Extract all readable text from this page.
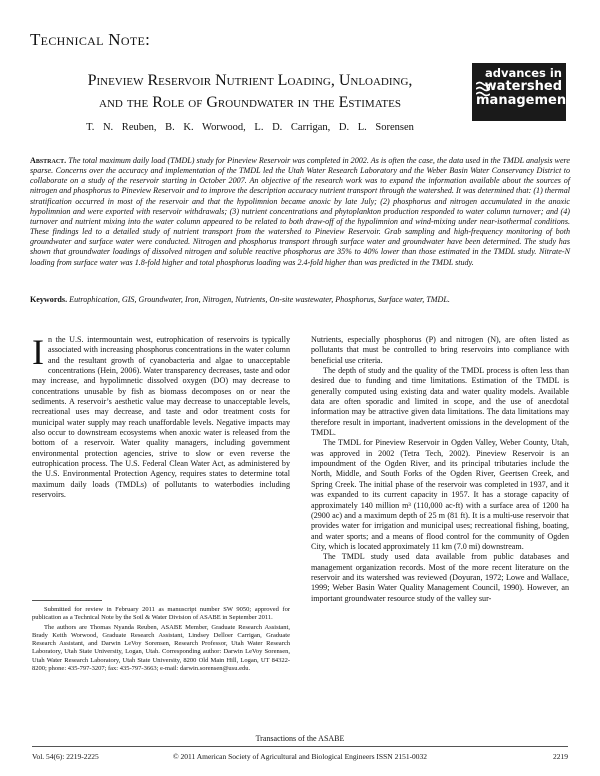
Technical Note:
Pineview Reservoir Nutrient Loading, Unloading,
and the Role of Groundwater in the Estimates
T. N. Reuben, B. K. Worwood, L. D. Carrigan, D. L. Sorensen
advances in
watershed
management
Abstract. The total maximum daily load (TMDL) study for Pineview Reservoir was completed in 2002. As is often the case, the data used in the TMDL analysis were sparse. Concerns over the accuracy and implementation of the TMDL led the Utah Water Research Laboratory and the Weber Basin Water Conservancy District to collaborate on a study of the reservoir starting in October 2007. An objective of the research work was to expand the information available about the sources of nitrogen and phosphorus to Pineview Reservoir and to improve the description accuracy nutrient transport through the watershed. It was determined that: (1) thermal stratification occurred in most of the reservoir and that the hypolimnion became anoxic by late July; (2) phosphorus and nitrogen accumulated in the anoxic hypolimnion and were exported with reservoir withdrawals; (3) nutrient concentrations and phytoplankton production responded to water column turnover; and (4) turnover and nutrient mixing into the water column appeared to be related to both draw-off of the hypolimnion and wind-mixing under near-isothermal conditions. These findings led to a detailed study of nutrient transport from the watershed to Pineview Reservoir. Grab sampling and high-frequency monitoring of both groundwater and surface water were conducted. Nitrogen and phosphorus transport through surface water and groundwater have been determined. The study has shown that groundwater loadings of dissolved nitrogen and soluble reactive phosphorus are 35% to 40% lower than those estimated in the TMDL study. Nitrate-N loading from surface water was 1.8-fold higher and total phosphorus loading was 2.4-fold higher than was predicted in the TMDL study.
Keywords. Eutrophication, GIS, Groundwater, Iron, Nitrogen, Nutrients, On-site wastewater, Phosphorus, Surface water, TMDL.

In the U.S. intermountain west, eutrophication of reservoirs is typically associated with increasing phosphorus concentrations in the water column and the resultant growth of cyanobacteria and algae to unacceptable concentrations (Hein, 2006). Water transparency decreases, taste and odor may increase, and hypolimnetic dissolved oxygen (DO) may decrease to concentrations unusable by fish as biomass decomposes on or near the sediments. A reservoir’s aesthetic value may decrease to unacceptable levels, recreational uses may decrease, and taste and odor treatment costs for municipal water supply may reach unaffordable levels. Negative impacts may also occur to downstream ecosystems when anoxic water is released from the bottom of a reservoir. Water quality managers, including government environmental protection agencies, strive to slow or even reverse the eutrophication process. The U.S. Federal Clean Water Act, as administered by the U.S. Environmental Protection Agency, requires states to determine total maximum daily loads (TMDLs) of pollutants to waterbodies including reservoirs.

Submitted for review in February 2011 as manuscript number SW 9050; approved for publication as a Technical Note by the Soil & Water Division of ASABE in September 2011.

The authors are Thomas Nyanda Reuben, ASABE Member, Graduate Research Assistant, Brady Keith Worwood, Graduate Research Assistant, Lindsey Delloer Carrigan, Graduate Research Assistant, and Darwin LeVoy Sorensen, Research Professor, Utah Water Research Laboratory, Utah State University, Logan, Utah. Corresponding author: Darwin LeVoy Sorensen, Utah Water Research Laboratory, Utah State University, 8200 Old Main Hill, Logan, UT 84322-8200; phone: 435-797-3207; fax: 435-797-3663; e-mail: darwin.sorensen@usu.edu.

Nutrients, especially phosphorus (P) and nitrogen (N), are often listed as pollutants that must be controlled to bring reservoirs into compliance with beneficial use criteria.

The depth of study and the quality of the TMDL process is often less than desired due to funding and time limitations. Estimation of the TMDL is generally computed using existing data and water quality models. Available data are often sporadic and limited in scope, and the use of anecdotal information may be attractive given data limitations. The data limitations may therefore result in important, inadvertent omissions in the development of the TMDL.

The TMDL for Pineview Reservoir in Ogden Valley, Weber County, Utah, was approved in 2002 (Tetra Tech, 2002). Pineview Reservoir is an impoundment of the Ogden River, and its principal tributaries include the North, Middle, and South Forks of the Ogden River, Geertsen Creek, and Spring Creek. The initial phase of the reservoir was completed in 1937, and it was expanded to its current capacity in 1957. It has a storage capacity of approximately 140 million m³ (110,000 ac-ft) with a surface area of 1200 ha (2900 ac) and a maximum depth of 25 m (81 ft). It is a multi-use reservoir that provides water for irrigation and municipal uses; recreational fishing, boating, and water sports; and a means of flood control for the community of Ogden City, which is located approximately 11 km (7.0 mi) downstream.

The TMDL study used data available from public databases and management organization records. Most of the more recent literature on the reservoir and its watershed was reviewed (Doyuran, 1972; Lowe and Wallace, 1999; Weber Basin Water Quality Management Council, 1990). However, an important groundwater resource study of the valley sur-

Transactions of the ASABE
© 2011 American Society of Agricultural and Biological Engineers ISSN 2151-0032
Vol. 54(6): 2219-2225	2219
